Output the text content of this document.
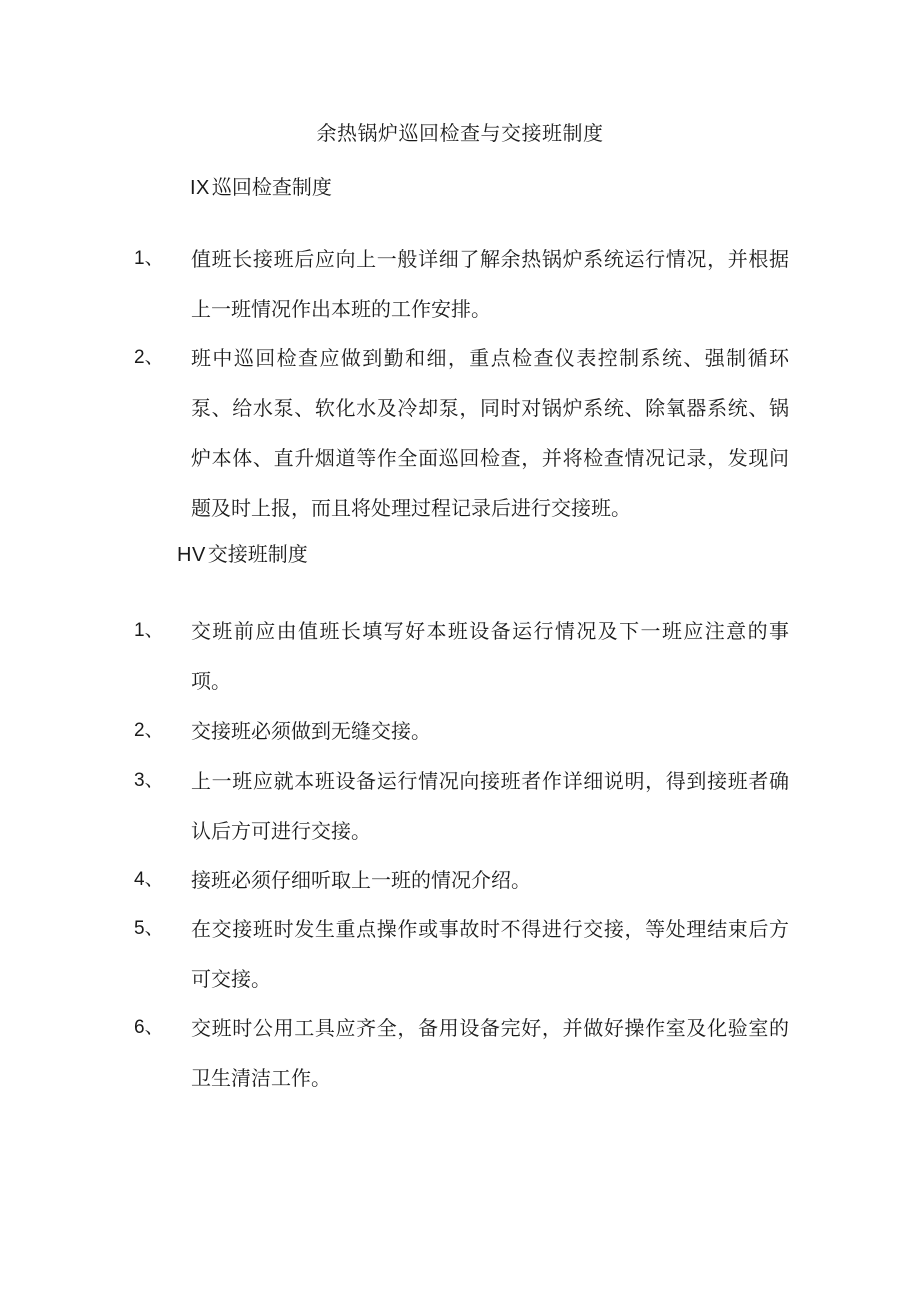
余热锅炉巡回检查与交接班制度
IX 巡回检查制度
1、	值班长接班后应向上一般详细了解余热锅炉系统运行情况，并根据上一班情况作出本班的工作安排。
2、	班中巡回检查应做到勤和细，重点检查仪表控制系统、强制循环泵、给水泵、软化水及冷却泵，同时对锅炉系统、除氧器系统、锅炉本体、直升烟道等作全面巡回检查，并将检查情况记录，发现问题及时上报，而且将处理过程记录后进行交接班。
HV 交接班制度
1、	交班前应由值班长填写好本班设备运行情况及下一班应注意的事项。
2、	交接班必须做到无缝交接。
3、	上一班应就本班设备运行情况向接班者作详细说明，得到接班者确认后方可进行交接。
4、	接班必须仔细听取上一班的情况介绍。
5、	在交接班时发生重点操作或事故时不得进行交接，等处理结束后方可交接。
6、	交班时公用工具应齐全，备用设备完好，并做好操作室及化验室的卫生清洁工作。
